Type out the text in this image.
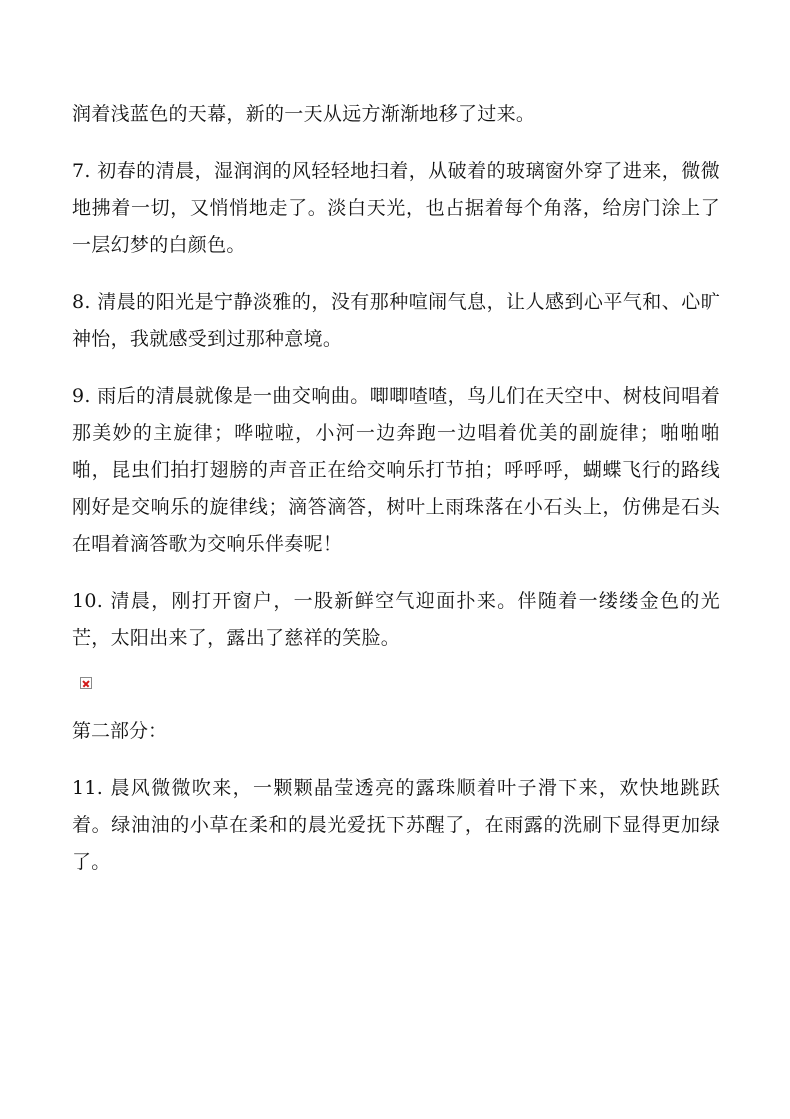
润着浅蓝色的天幕，新的一天从远方渐渐地移了过来。

7. 初春的清晨，湿润润的风轻轻地扫着，从破着的玻璃窗外穿了进来，微微地拂着一切，又悄悄地走了。淡白天光，也占据着每个角落，给房门涂上了一层幻梦的白颜色。

8. 清晨的阳光是宁静淡雅的，没有那种喧闹气息，让人感到心平气和、心旷神怡，我就感受到过那种意境。

9. 雨后的清晨就像是一曲交响曲。唧唧喳喳，鸟儿们在天空中、树枝间唱着那美妙的主旋律；哗啦啦，小河一边奔跑一边唱着优美的副旋律；啪啪啪啪，昆虫们拍打翅膀的声音正在给交响乐打节拍；呼呼呼，蝴蝶飞行的路线刚好是交响乐的旋律线；滴答滴答，树叶上雨珠落在小石头上，仿佛是石头在唱着滴答歌为交响乐伴奏呢！

10. 清晨，刚打开窗户，一股新鲜空气迎面扑来。伴随着一缕缕金色的光芒，太阳出来了，露出了慈祥的笑脸。

第二部分：

11. 晨风微微吹来，一颗颗晶莹透亮的露珠顺着叶子滑下来，欢快地跳跃着。绿油油的小草在柔和的晨光爱抚下苏醒了，在雨露的洗刷下显得更加绿了。
